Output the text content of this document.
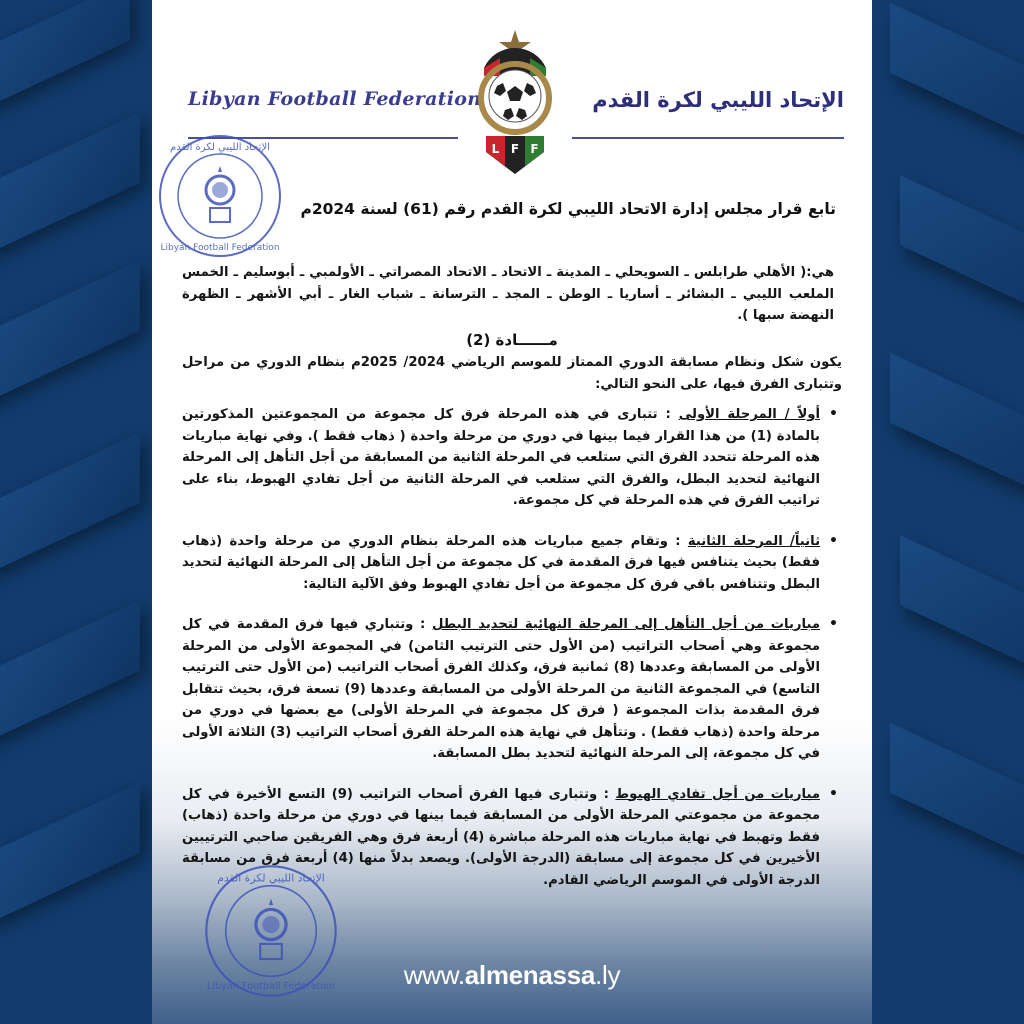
Libyan Football Federation	الإتحاد الليبي لكرة القدم
L F F
الإتحاد الليبي لكرة القدم
Libyan Football Federation
الإتحاد الليبي لكرة القدم
Libyan Football Federation
تابع قرار مجلس إدارة الاتحاد الليبي لكرة القدم رقم (61) لسنة 2024م
هي:( الأهلي طرابلس ـ السويحلي ـ المدينة ـ الاتحاد ـ الاتحاد المصراتي ـ الأولمبي ـ أبوسليم ـ الخمس الملعب الليبي ـ البشائر ـ أساريا ـ الوطن ـ المجد ـ الترسانة ـ شباب الغار ـ أبي الأشهر ـ الظهرة النهضة سبها ).
مــــــادة (2)
يكون شكل ونظام مسابقة الدوري الممتاز للموسم الرياضي 2024/ 2025م بنظام الدوري من مراحل وتتبارى الفرق فيها، على النحو التالي:
• أولاً / المرحلة الأولى : تتبارى في هذه المرحلة فرق كل مجموعة من المجموعتين المذكورتين بالمادة (1) من هذا القرار فيما بينها في دوري من مرحلة واحدة ( ذهاب فقط ). وفي نهاية مباريات هذه المرحلة تتحدد الفرق التي ستلعب في المرحلة الثانية من المسابقة من أجل التأهل إلى المرحلة النهائية لتحديد البطل، والفرق التي ستلعب في المرحلة الثانية من أجل تفادي الهبوط، بناء على تراتيب الفرق في هذه المرحلة في كل مجموعة.
• ثانياً/ المرحلة الثانية : وتقام جميع مباريات هذه المرحلة بنظام الدوري من مرحلة واحدة (ذهاب فقط) بحيث يتنافس فيها فرق المقدمة في كل مجموعة من أجل التأهل إلى المرحلة النهائية لتحديد البطل وتتنافس باقي فرق كل مجموعة من أجل تفادي الهبوط وفق الآلية التالية:
• مباريات من أجل التأهل إلى المرحلة النهائية لتحديد البطل : وتتباري فيها فرق المقدمة في كل مجموعة وهي أصحاب التراتيب (من الأول حتى الترتيب الثامن) في المجموعة الأولى من المرحلة الأولى من المسابقة وعددها (8) ثمانية فرق، وكذلك الفرق أصحاب التراتيب (من الأول حتى الترتيب التاسع) في المجموعة الثانية من المرحلة الأولى من المسابقة وعددها (9) تسعة فرق، بحيث تتقابل فرق المقدمة بذات المجموعة ( فرق كل مجموعة في المرحلة الأولى) مع بعضها في دوري من مرحلة واحدة (ذهاب فقط) . وتتأهل في نهاية هذه المرحلة الفرق أصحاب التراتيب (3) الثلاثة الأولى في كل مجموعة، إلى المرحلة النهائية لتحديد بطل المسابقة.
• مباريات من أجل تفادي الهبوط : وتتبارى فيها الفرق أصحاب التراتيب (9) التسع الأخيرة في كل مجموعة من مجموعتي المرحلة الأولى من المسابقة فيما بينها في دوري من مرحلة واحدة (ذهاب) فقط وتهبط في نهاية مباريات هذه المرحلة مباشرة (4) أربعة فرق وهي الفريقين صاحبي الترتيبين الأخيرين في كل مجموعة إلى مسابقة (الدرجة الأولى). ويصعد بدلاً منها (4) أربعة فرق من مسابقة الدرجة الأولى في الموسم الرياضي القادم.
www.almenassa.ly
